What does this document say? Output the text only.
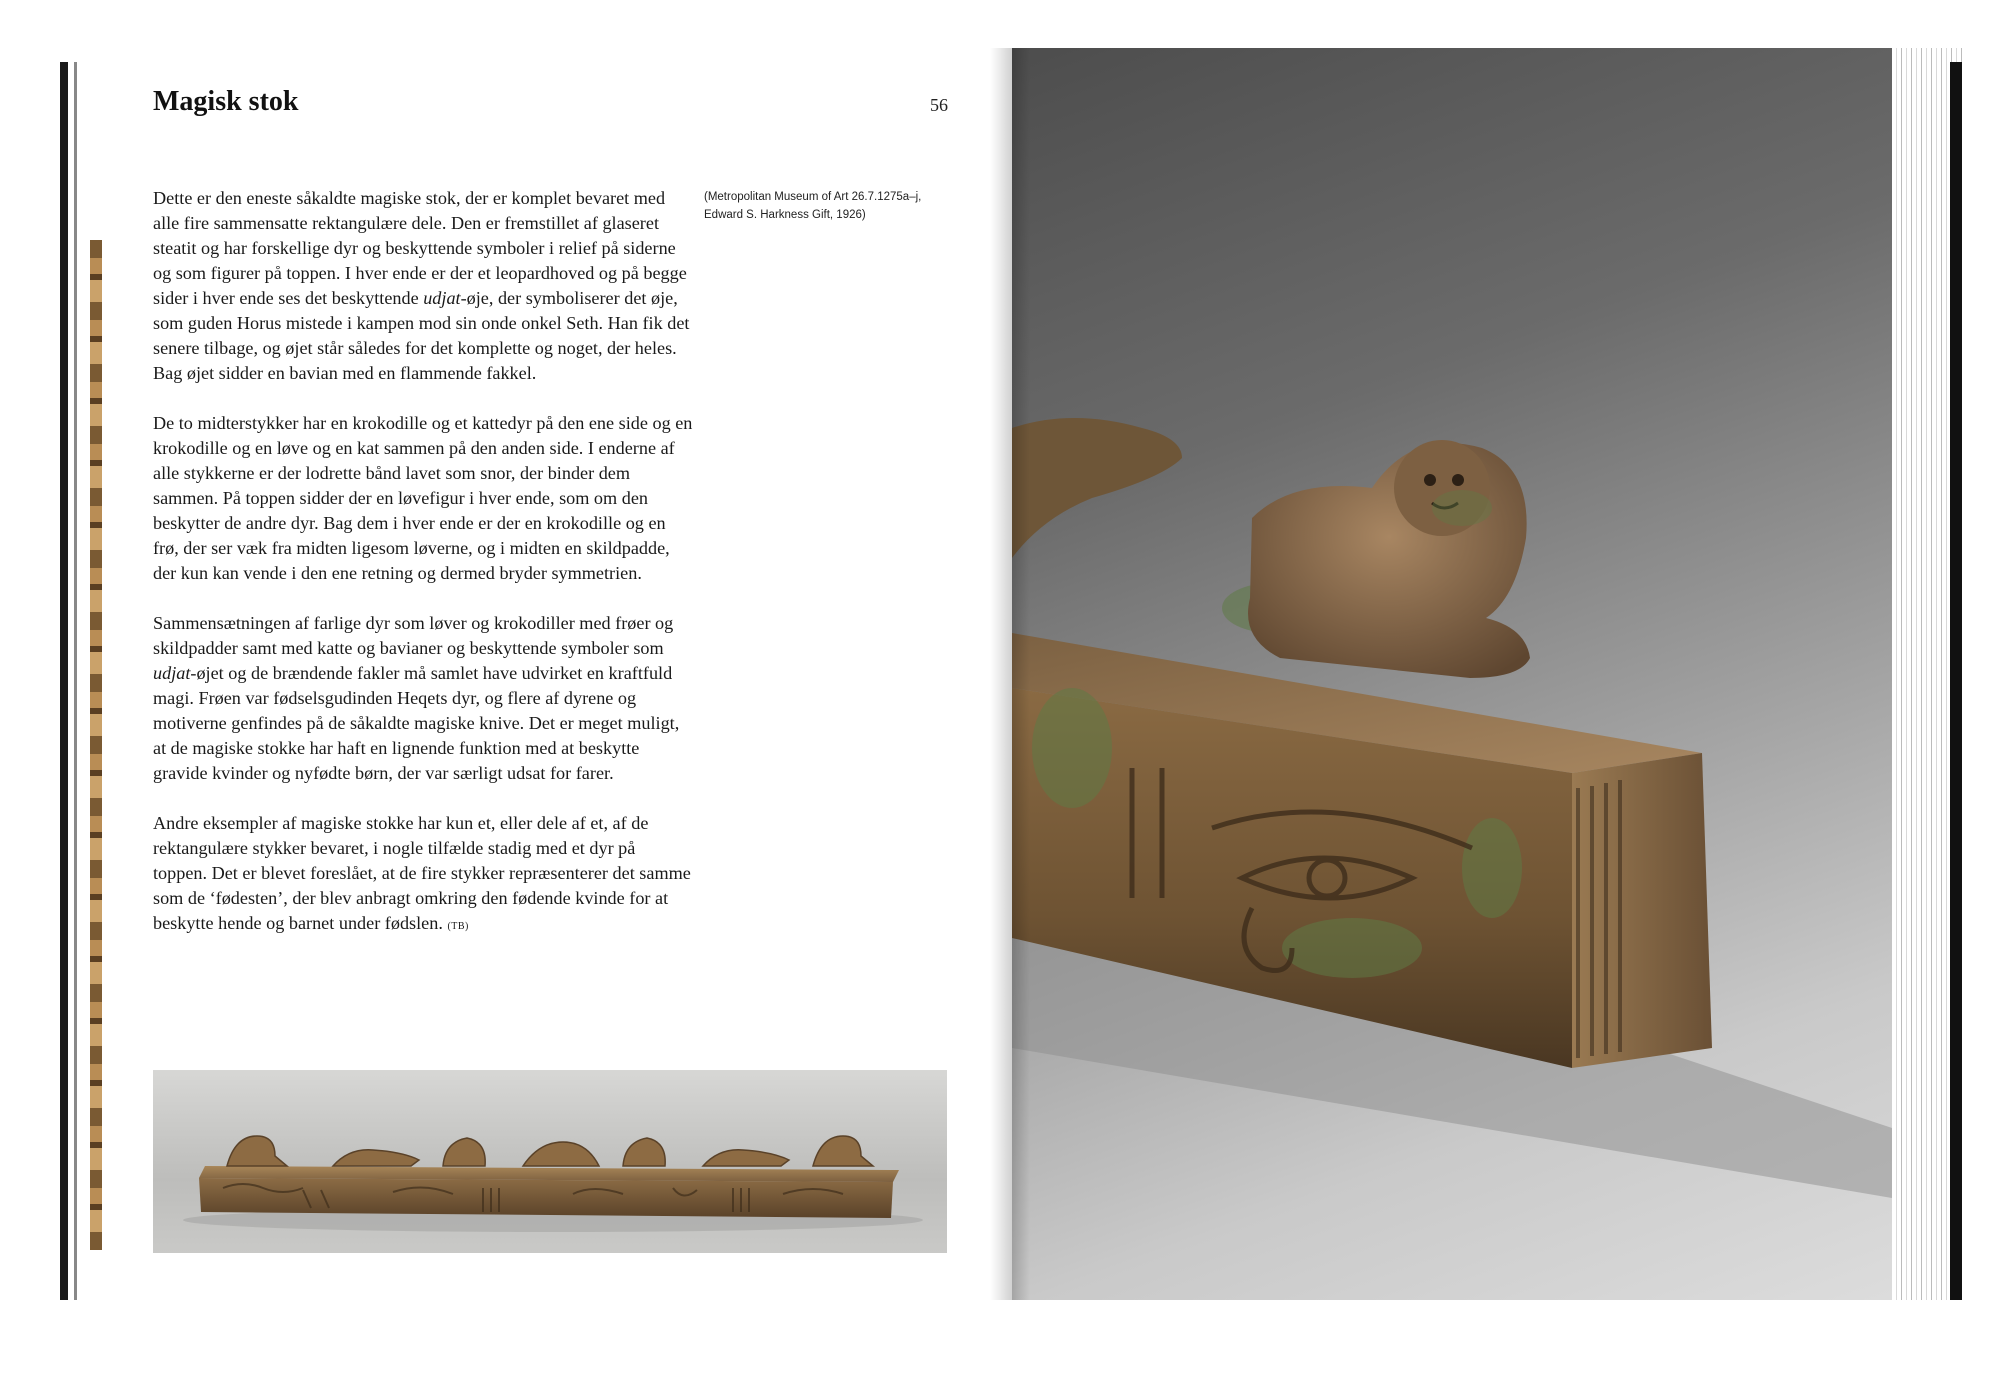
Magisk stok	56
(Metropolitan Museum of Art 26.7.1275a–j, Edward S. Harkness Gift, 1926)

Dette er den eneste såkaldte magiske stok, der er komplet bevaret med alle fire sammensatte rektangulære dele. Den er fremstillet af glaseret steatit og har forskellige dyr og beskyttende symboler i relief på siderne og som figurer på toppen. I hver ende er der et leopardhoved og på begge sider i hver ende ses det beskyttende udjat-øje, der symboliserer det øje, som guden Horus mistede i kampen mod sin onde onkel Seth. Han fik det senere tilbage, og øjet står således for det komplette og noget, der heles. Bag øjet sidder en bavian med en flammende fakkel.

De to midterstykker har en krokodille og et kattedyr på den ene side og en krokodille og en løve og en kat sammen på den anden side. I enderne af alle stykkerne er der lodrette bånd lavet som snor, der binder dem sammen. På toppen sidder der en løvefigur i hver ende, som om den beskytter de andre dyr. Bag dem i hver ende er der en krokodille og en frø, der ser væk fra midten ligesom løverne, og i midten en skildpadde, der kun kan vende i den ene retning og dermed bryder symmetrien.

Sammensætningen af farlige dyr som løver og krokodiller med frøer og skildpadder samt med katte og bavianer og beskyttende symboler som udjat-øjet og de brændende fakler må samlet have udvirket en kraftfuld magi. Frøen var fødselsgudinden Heqets dyr, og flere af dyrene og motiverne genfindes på de såkaldte magiske knive. Det er meget muligt, at de magiske stokke har haft en lignende funktion med at beskytte gravide kvinder og nyfødte børn, der var særligt udsat for farer.

Andre eksempler af magiske stokke har kun et, eller dele af et, af de rektangulære stykker bevaret, i nogle tilfælde stadig med et dyr på toppen. Det er blevet foreslået, at de fire stykker repræsenterer det samme som de ‘fødesten’, der blev anbragt omkring den fødende kvinde for at beskytte hende og barnet under fødslen. (TB)
